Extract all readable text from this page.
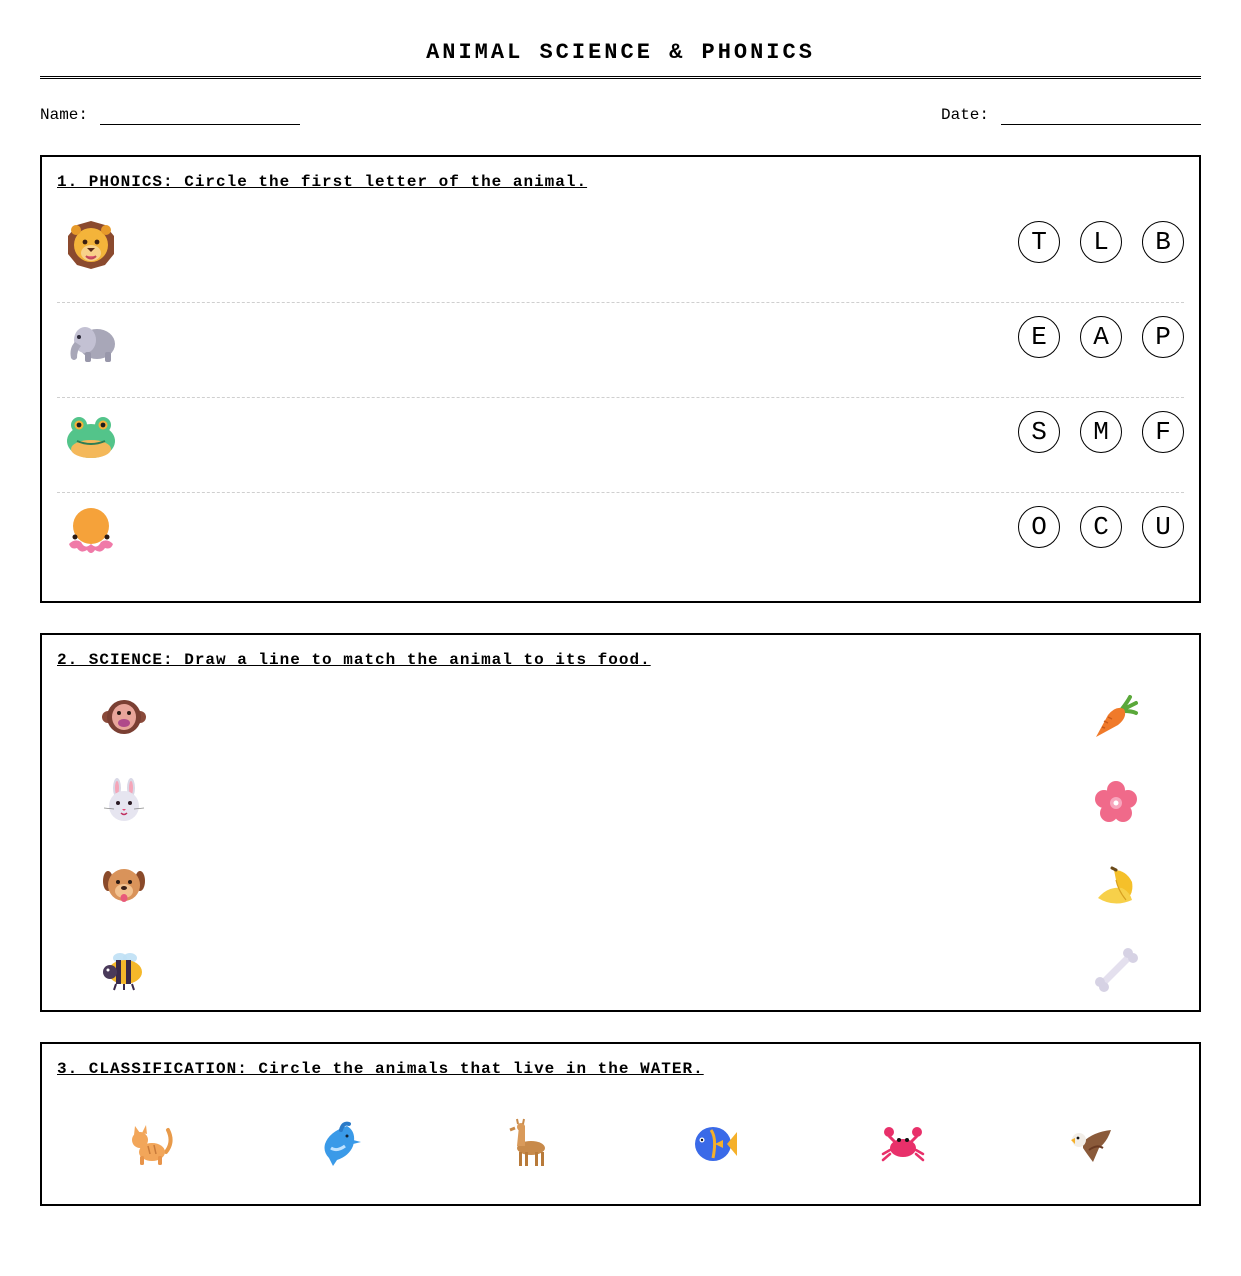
ANIMAL SCIENCE & PHONICS
Name:	Date:
1. PHONICS: Circle the first letter of the animal.
T	L	B
E	A	P
S	M	F
O	C	U
2. SCIENCE: Draw a line to match the animal to its food.
3. CLASSIFICATION: Circle the animals that live in the WATER.
